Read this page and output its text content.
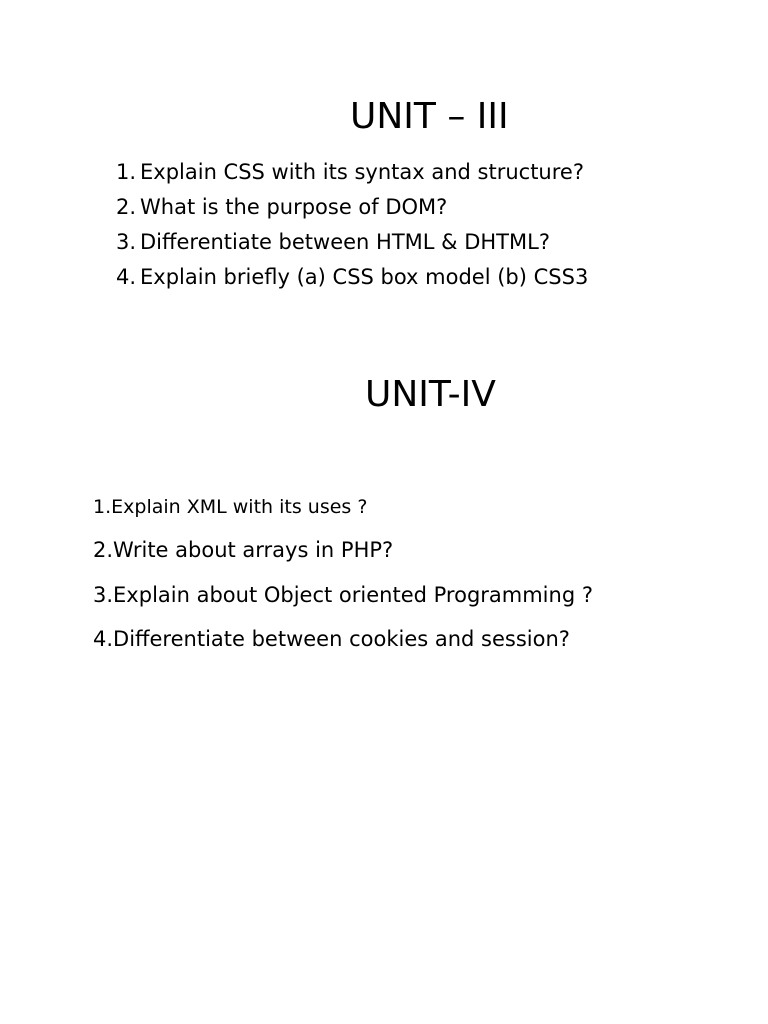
UNIT – III
1. Explain CSS with its syntax and structure?
2. What is the purpose of DOM?
3. Differentiate between HTML & DHTML?
4. Explain briefly (a) CSS box model (b) CSS3
UNIT-IV
1.Explain XML with its uses ?
2.Write about arrays in PHP?
3.Explain about Object oriented Programming ?
4.Differentiate between cookies and session?
